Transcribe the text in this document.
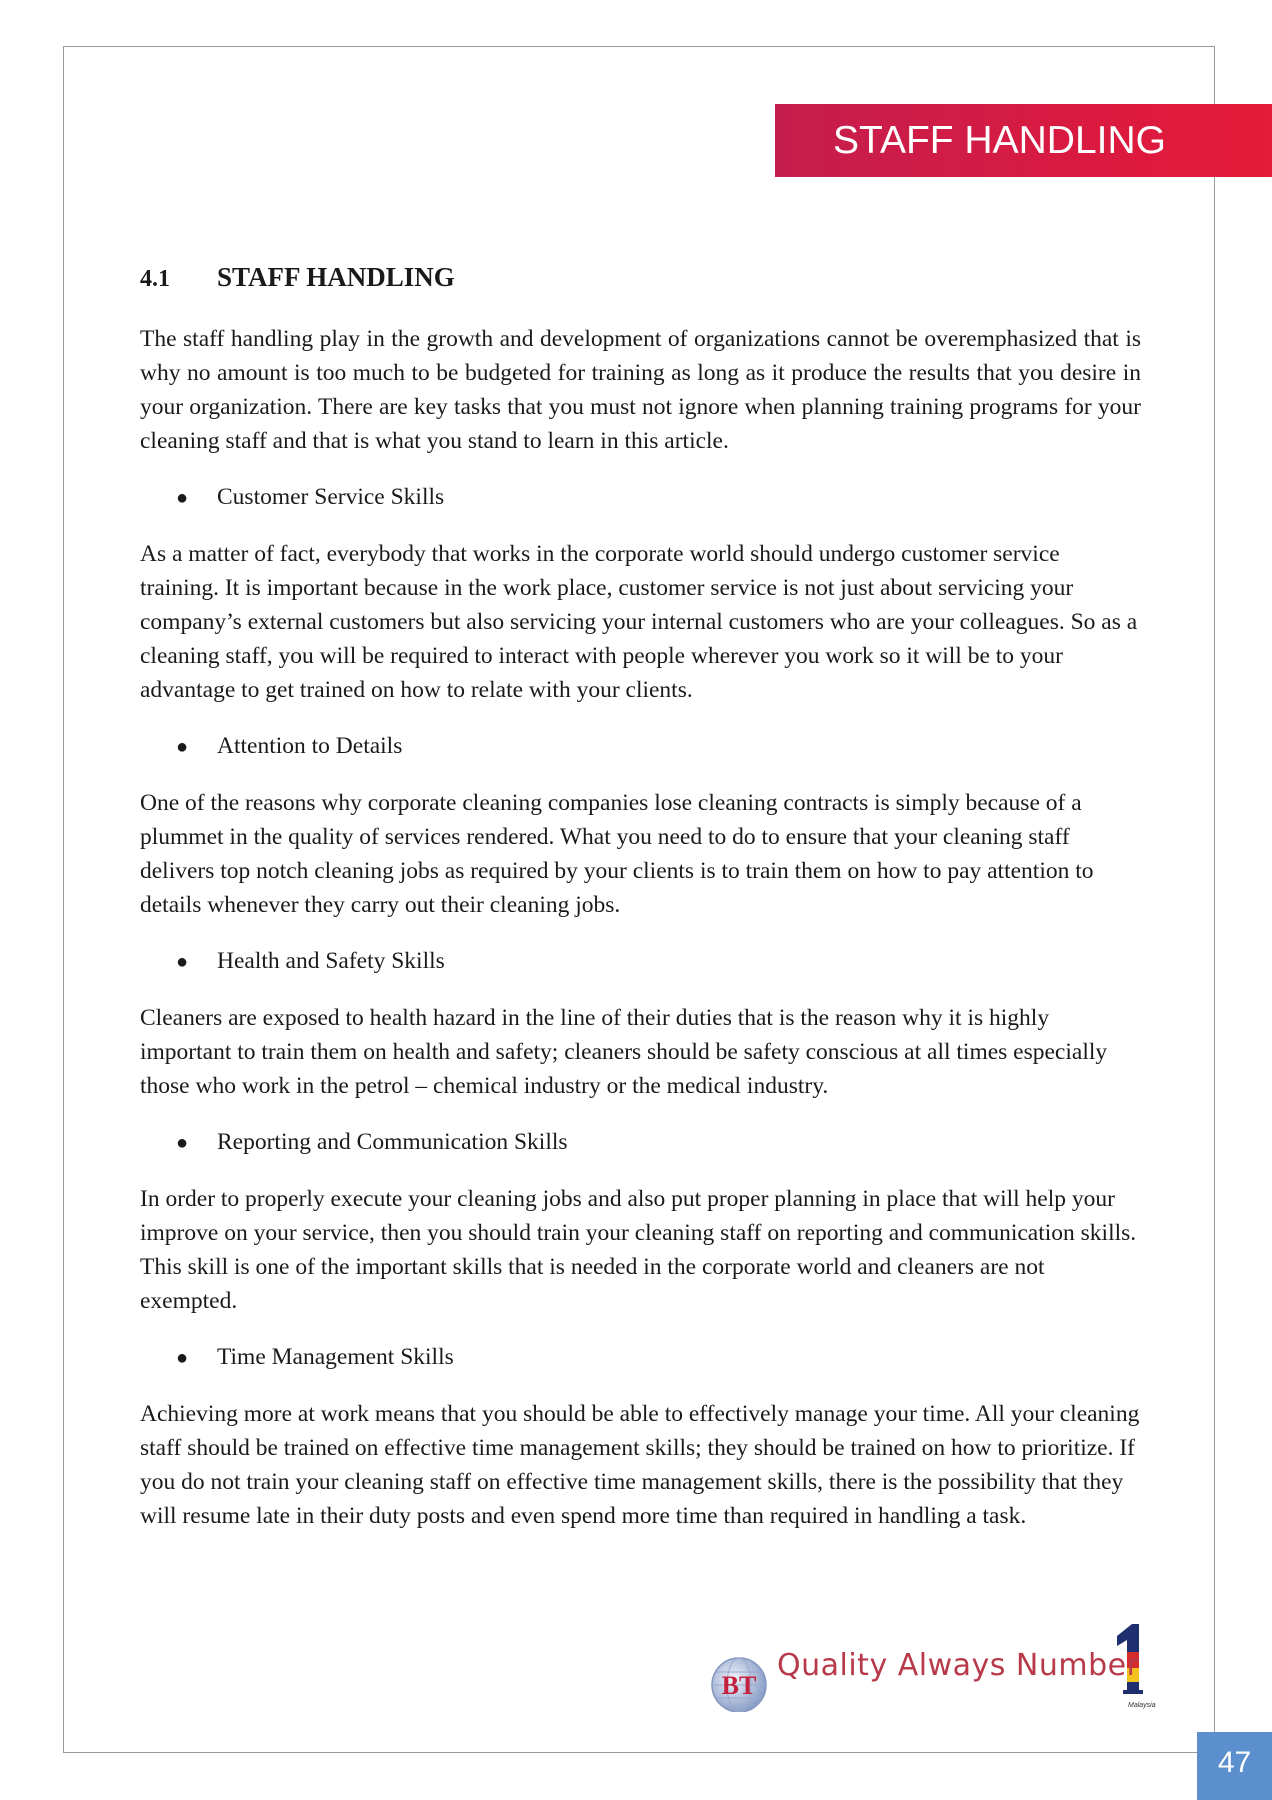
STAFF HANDLING
4.1 STAFF HANDLING

The staff handling play in the growth and development of organizations cannot be overemphasized that is why no amount is too much to be budgeted for training as long as it produce the results that you desire in your organization. There are key tasks that you must not ignore when planning training programs for your cleaning staff and that is what you stand to learn in this article.

●	Customer Service Skills

As a matter of fact, everybody that works in the corporate world should undergo customer service training. It is important because in the work place, customer service is not just about servicing your company’s external customers but also servicing your internal customers who are your colleagues. So as a cleaning staff, you will be required to interact with people wherever you work so it will be to your advantage to get trained on how to relate with your clients.

●	Attention to Details

One of the reasons why corporate cleaning companies lose cleaning contracts is simply because of a plummet in the quality of services rendered. What you need to do to ensure that your cleaning staff delivers top notch cleaning jobs as required by your clients is to train them on how to pay attention to details whenever they carry out their cleaning jobs.

●	Health and Safety Skills

Cleaners are exposed to health hazard in the line of their duties that is the reason why it is highly important to train them on health and safety; cleaners should be safety conscious at all times especially those who work in the petrol – chemical industry or the medical industry.

●	Reporting and Communication Skills

In order to properly execute your cleaning jobs and also put proper planning in place that will help your improve on your service, then you should train your cleaning staff on reporting and communication skills. This skill is one of the important skills that is needed in the corporate world and cleaners are not exempted.

●	Time Management Skills

Achieving more at work means that you should be able to effectively manage your time. All your cleaning staff should be trained on effective time management skills; they should be trained on how to prioritize. If you do not train your cleaning staff on effective time management skills, there is the possibility that they will resume late in their duty posts and even spend more time than required in handling a task.

BT
Quality Always Number
Malaysia
47
